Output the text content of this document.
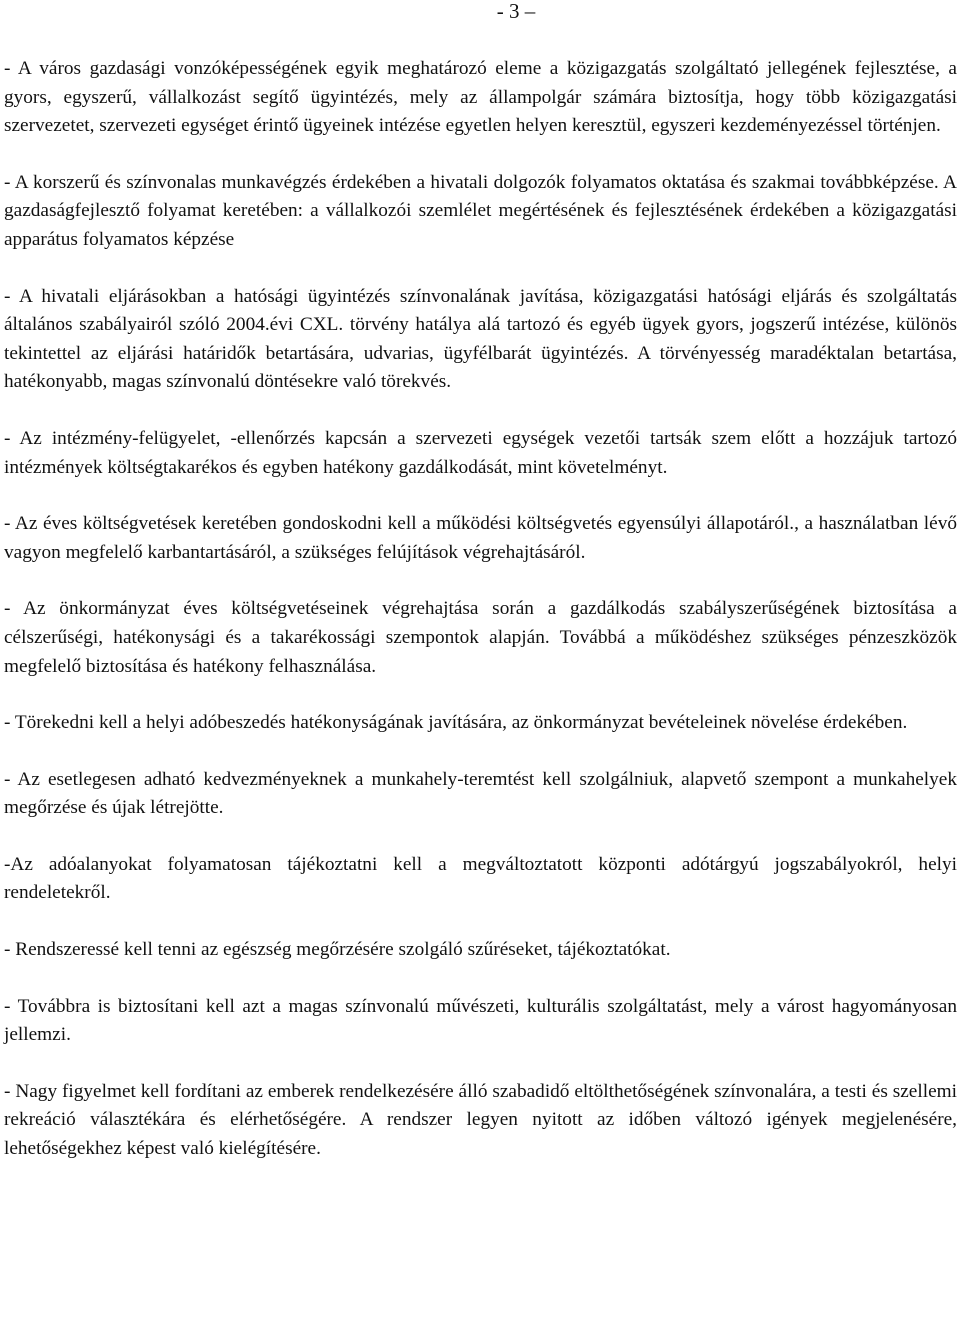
- 3 –

- A város gazdasági vonzóképességének egyik meghatározó eleme a közigazgatás szolgáltató jellegének fejlesztése, a gyors, egyszerű, vállalkozást segítő ügyintézés, mely az állampolgár számára biztosítja, hogy több közigazgatási szervezetet, szervezeti egységet érintő ügyeinek intézése egyetlen helyen keresztül, egyszeri kezdeményezéssel történjen.

- A korszerű és színvonalas munkavégzés érdekében a hivatali dolgozók folyamatos oktatása és szakmai továbbképzése. A gazdaságfejlesztő folyamat keretében: a vállalkozói szemlélet megértésének és fejlesztésének érdekében a közigazgatási apparátus folyamatos képzése

- A hivatali eljárásokban a hatósági ügyintézés színvonalának javítása, közigazgatási hatósági eljárás és szolgáltatás általános szabályairól szóló 2004.évi CXL. törvény hatálya alá tartozó és egyéb ügyek gyors, jogszerű intézése, különös tekintettel az eljárási határidők betartására, udvarias, ügyfélbarát ügyintézés. A törvényesség maradéktalan betartása, hatékonyabb, magas színvonalú döntésekre való törekvés.

- Az intézmény-felügyelet, -ellenőrzés kapcsán a szervezeti egységek vezetői tartsák szem előtt a hozzájuk tartozó intézmények költségtakarékos és egyben hatékony gazdálkodását, mint követelményt.

- Az éves költségvetések keretében gondoskodni kell a működési költségvetés egyensúlyi állapotáról., a használatban lévő vagyon megfelelő karbantartásáról, a szükséges felújítások végrehajtásáról.

- Az önkormányzat éves költségvetéseinek végrehajtása során a gazdálkodás szabályszerűségének biztosítása a célszerűségi, hatékonysági és a takarékossági szempontok alapján. Továbbá a működéshez szükséges pénzeszközök megfelelő biztosítása és hatékony felhasználása.

- Törekedni kell a helyi adóbeszedés hatékonyságának javítására, az önkormányzat bevételeinek növelése érdekében.

- Az esetlegesen adható kedvezményeknek a munkahely-teremtést kell szolgálniuk, alapvető szempont a munkahelyek megőrzése és újak létrejötte.

-Az adóalanyokat folyamatosan tájékoztatni kell a megváltoztatott központi adótárgyú jogszabályokról, helyi rendeletekről.

- Rendszeressé kell tenni az egészség megőrzésére szolgáló szűréseket, tájékoztatókat.

- Továbbra is biztosítani kell azt a magas színvonalú művészeti, kulturális szolgáltatást, mely a várost hagyományosan jellemzi.

- Nagy figyelmet kell fordítani az emberek rendelkezésére álló szabadidő eltölthetőségének színvonalára, a testi és szellemi rekreáció választékára és elérhetőségére. A rendszer legyen nyitott az időben változó igények megjelenésére, lehetőségekhez képest való kielégítésére.
